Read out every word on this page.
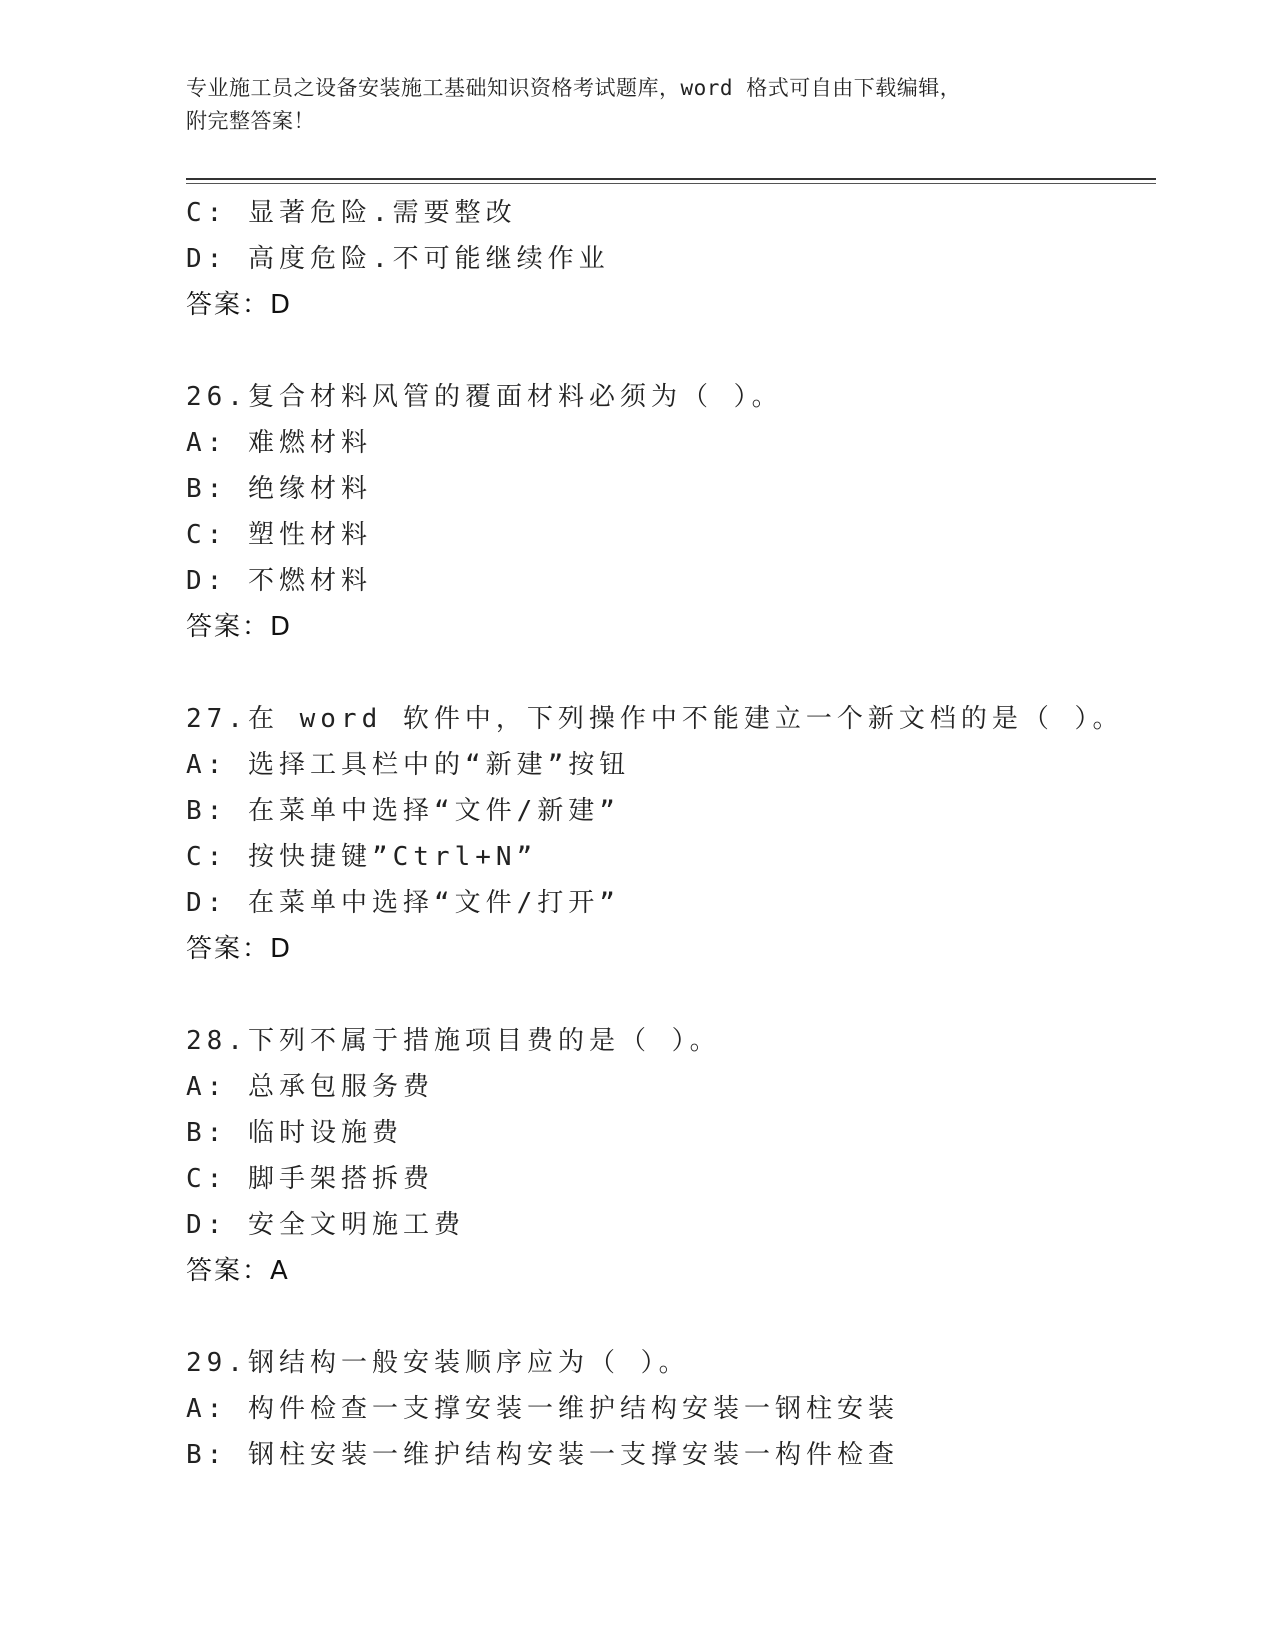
专业施工员之设备安装施工基础知识资格考试题库，word 格式可自由下载编辑，
附完整答案！
C: 显著危险.需要整改
D: 高度危险.不可能继续作业
答案：D
26.复合材料风管的覆面材料必须为（ ）。
A: 难燃材料
B: 绝缘材料
C: 塑性材料
D: 不燃材料
答案：D
27.在 word 软件中，下列操作中不能建立一个新文档的是（ ）。
A: 选择工具栏中的“新建”按钮
B: 在菜单中选择“文件/新建”
C: 按快捷键”Ctrl+N”
D: 在菜单中选择“文件/打开”
答案：D
28.下列不属于措施项目费的是（ ）。
A: 总承包服务费
B: 临时设施费
C: 脚手架搭拆费
D: 安全文明施工费
答案：A
29.钢结构一般安装顺序应为（ ）。
A: 构件检查一支撑安装一维护结构安装一钢柱安装
B: 钢柱安装一维护结构安装一支撑安装一构件检查
